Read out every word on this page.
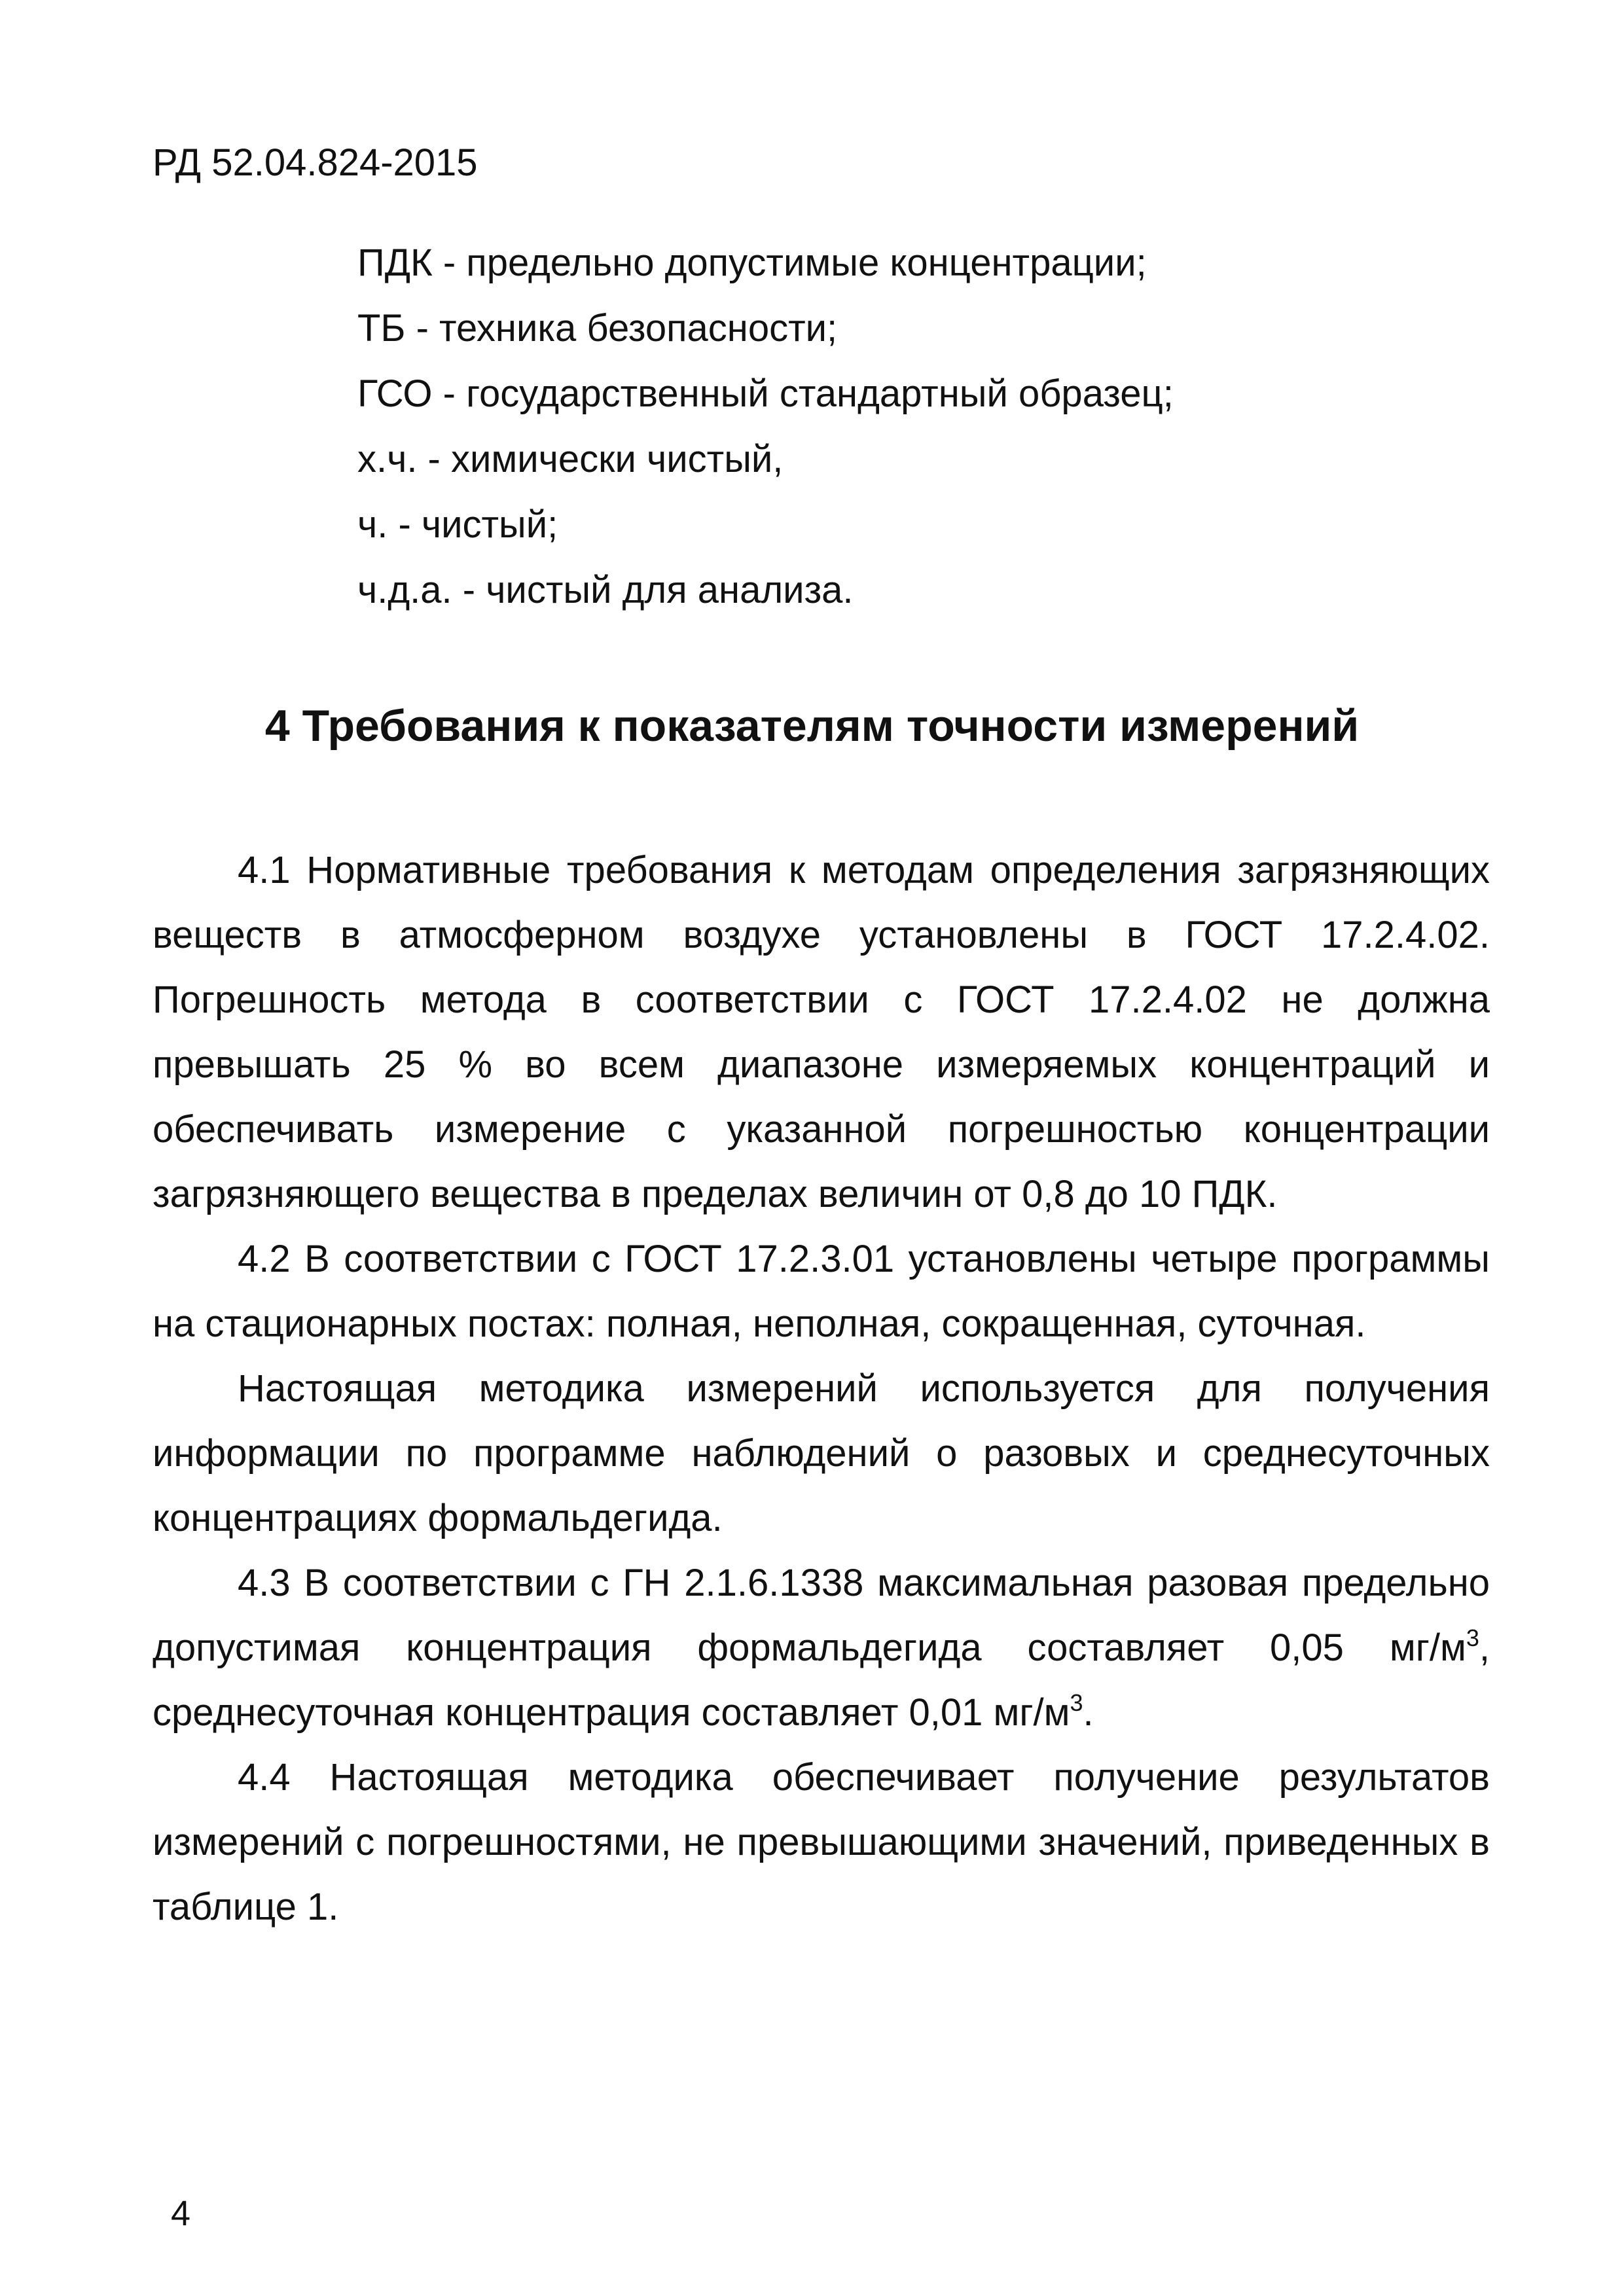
РД 52.04.824-2015
ПДК - предельно допустимые концентрации;
ТБ - техника безопасности;
ГСО - государственный стандартный образец;
х.ч. - химически чистый,
ч. - чистый;
ч.д.а. - чистый для анализа.
4 Требования к показателям точности измерений

4.1 Нормативные требования к методам определения загрязняющих веществ в атмосферном воздухе установлены в ГОСТ 17.2.4.02. Погрешность метода в соответствии с ГОСТ 17.2.4.02 не должна превышать 25 % во всем диапазоне измеряемых концентраций и обеспечивать измерение с указанной погрешностью концентрации загрязняющего вещества в пределах величин от 0,8 до 10 ПДК.

4.2 В соответствии с ГОСТ 17.2.3.01 установлены четыре программы на стационарных постах: полная, неполная, сокращенная, суточная.

Настоящая методика измерений используется для получения информации по программе наблюдений о разовых и среднесуточных концентрациях формальдегида.

4.3 В соответствии с ГН 2.1.6.1338 максимальная разовая предельно допустимая концентрация формальдегида составляет 0,05 $мг/м^3$, среднесуточная концентрация составляет 0,01 $мг/м^3$.

4.4 Настоящая методика обеспечивает получение результатов измерений с погрешностями, не превышающими значений, приведенных в таблице 1.

4
